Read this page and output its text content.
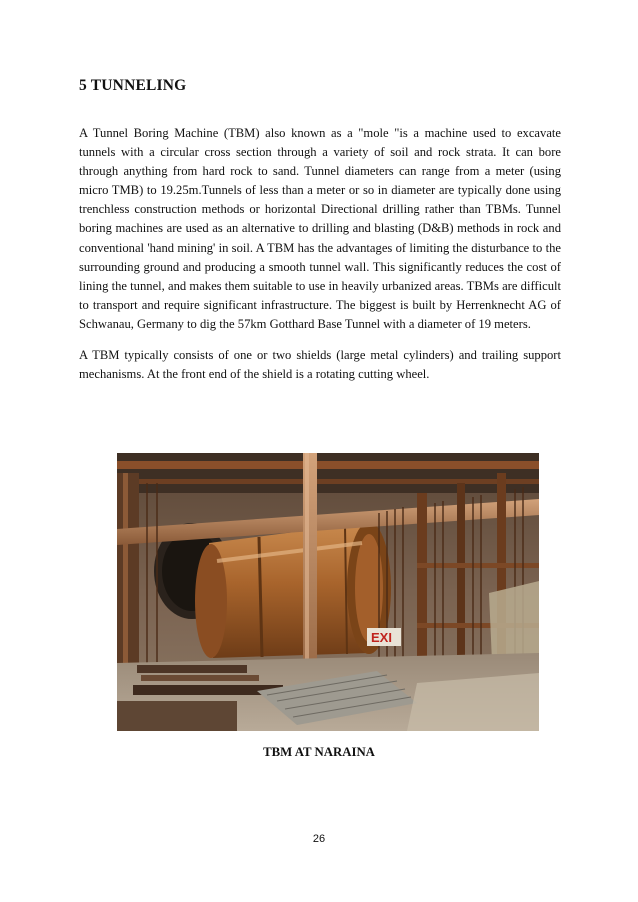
5 TUNNELING

A Tunnel Boring Machine (TBM) also known as a "mole "is a machine used to excavate tunnels with a circular cross section through a variety of soil and rock strata. It can bore through anything from hard rock to sand. Tunnel diameters can range from a meter (using micro TMB) to 19.25m.Tunnels of less than a meter or so in diameter are typically done using trenchless construction methods or horizontal Directional drilling rather than TBMs. Tunnel boring machines are used as an alternative to drilling and blasting (D&B) methods in rock and conventional 'hand mining' in soil. A TBM has the advantages of limiting the disturbance to the surrounding ground and producing a smooth tunnel wall. This significantly reduces the cost of lining the tunnel, and makes them suitable to use in heavily urbanized areas. TBMs are difficult to transport and require significant infrastructure. The biggest is built by Herrenknecht AG of Schwanau, Germany to dig the 57km Gotthard Base Tunnel with a diameter of 19 meters.

A TBM typically consists of one or two shields (large metal cylinders) and trailing support mechanisms. At the front end of the shield is a rotating cutting wheel.

EXI
TBM AT NARAINA
26
